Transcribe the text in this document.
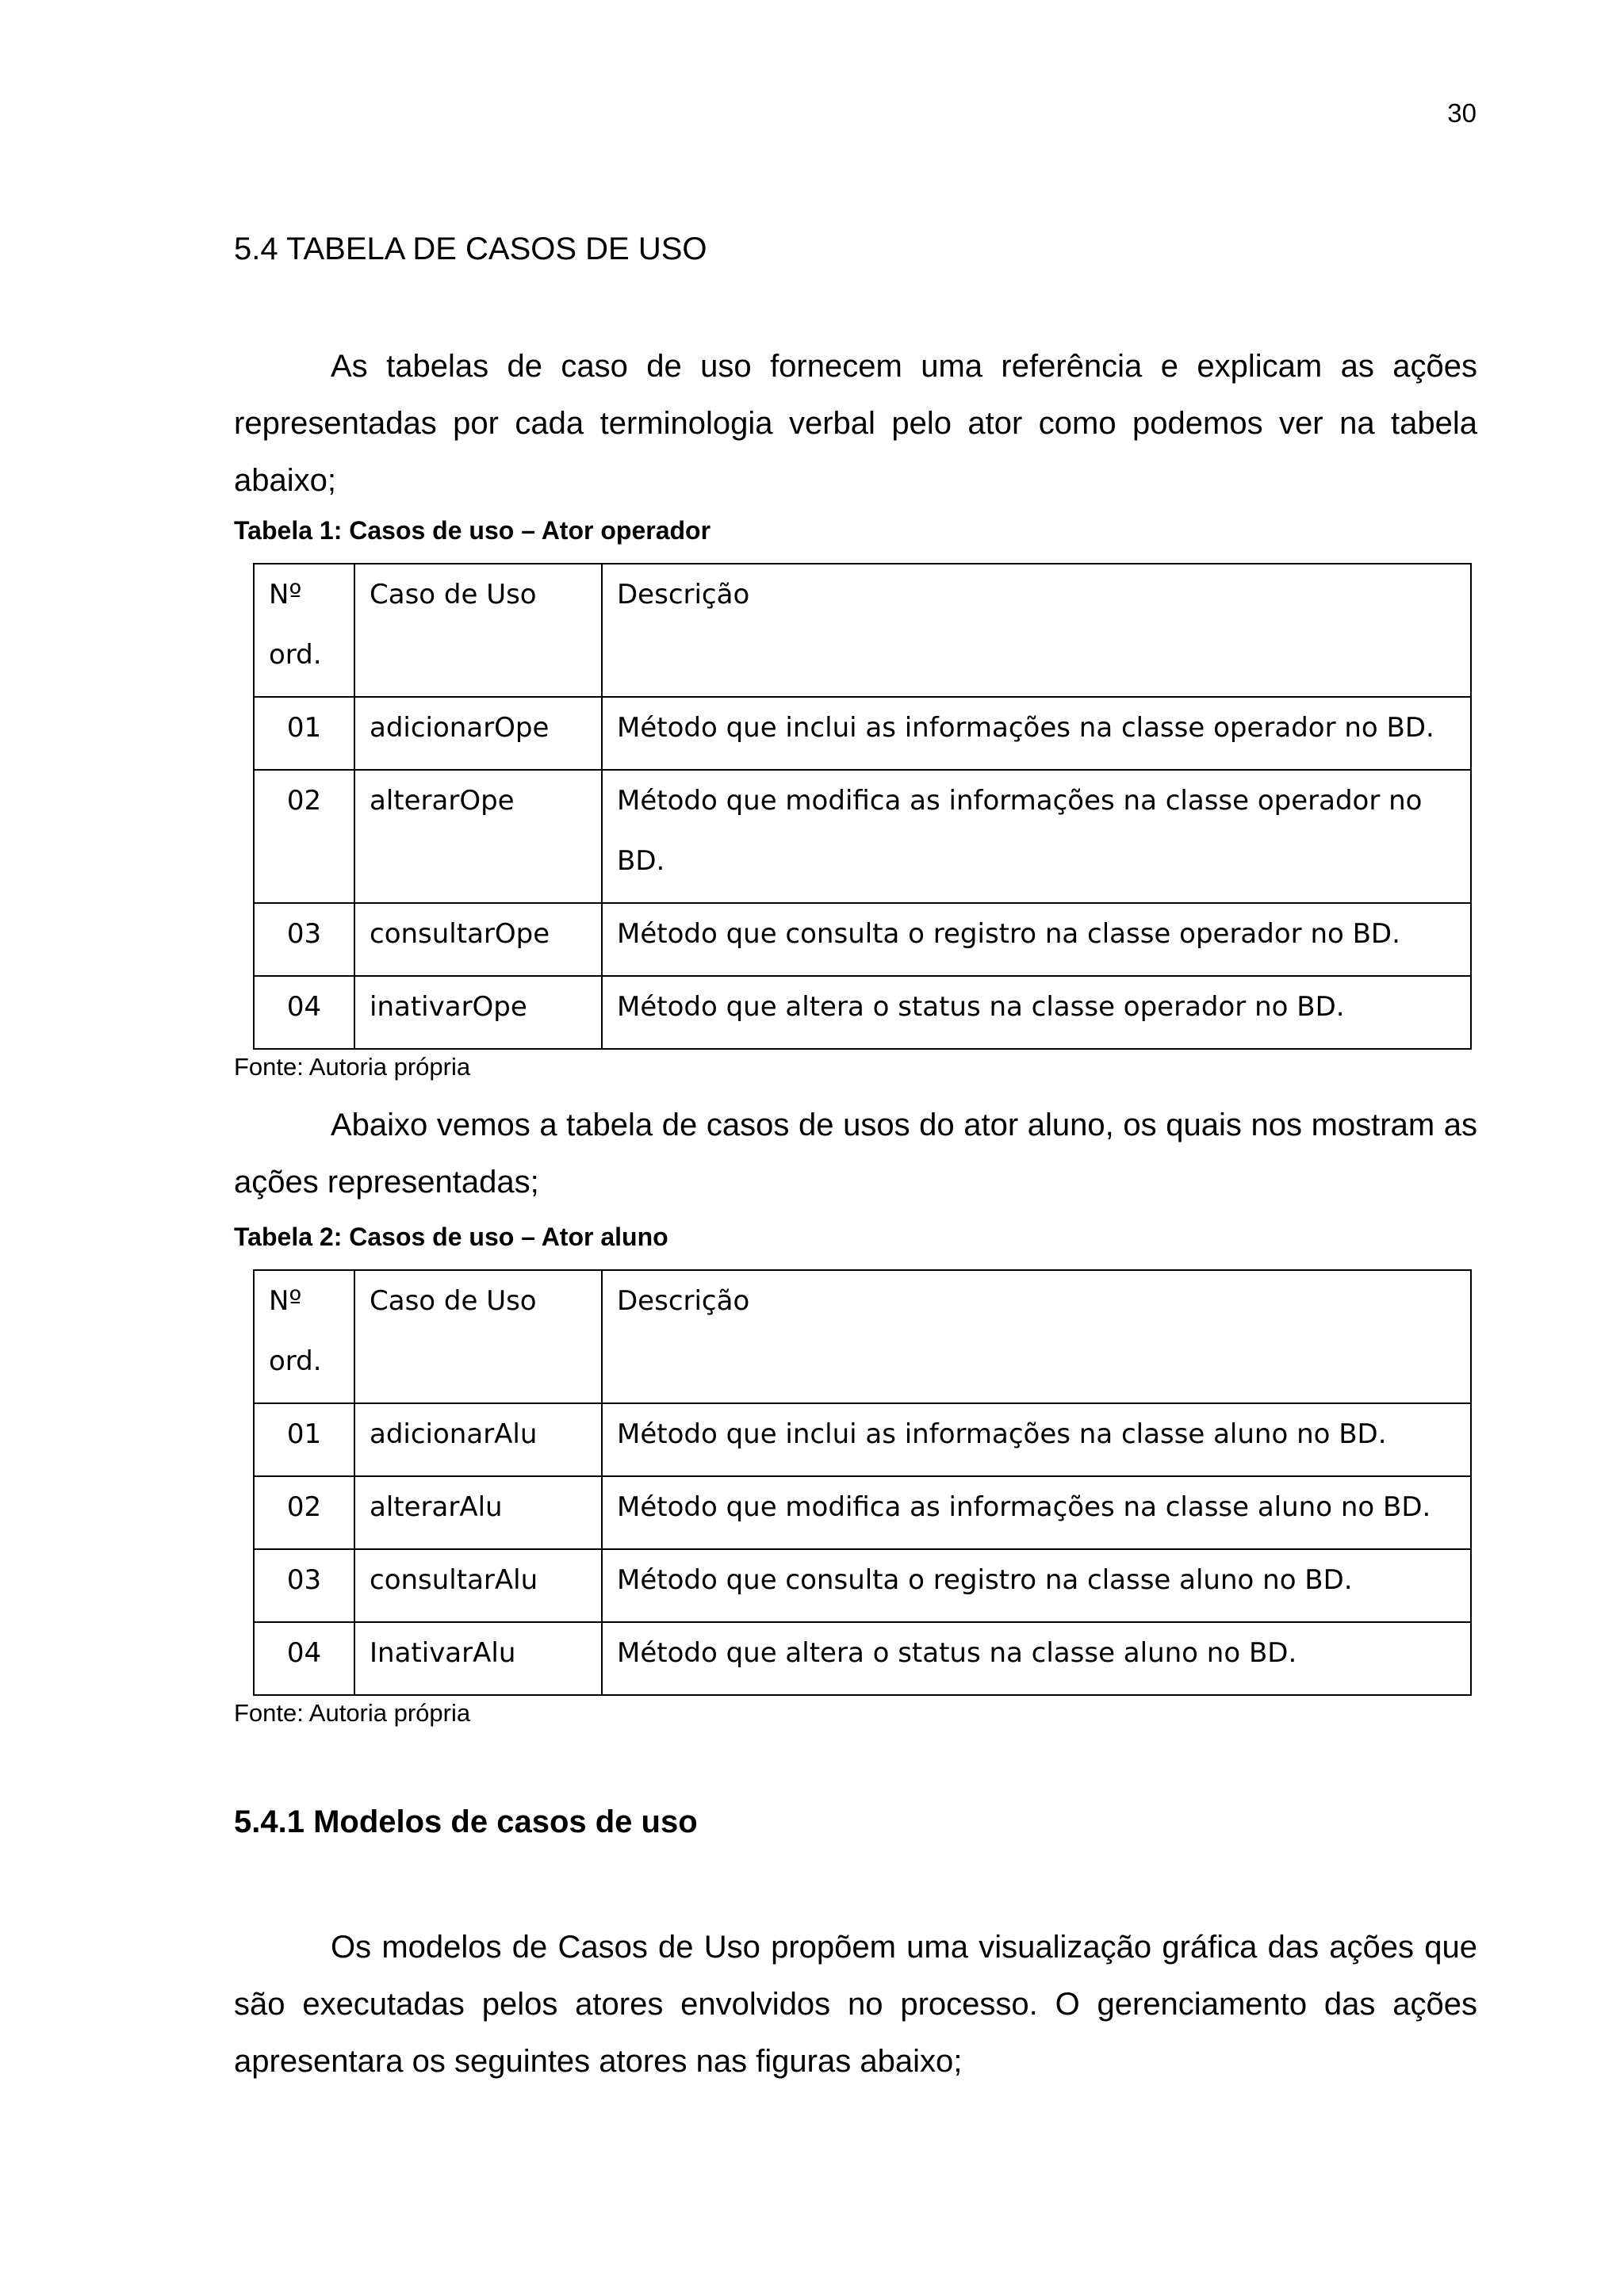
30
5.4 TABELA DE CASOS DE USO

As tabelas de caso de uso fornecem uma referência e explicam as ações representadas por cada terminologia verbal pelo ator como podemos ver na tabela abaixo;

Tabela 1: Casos de uso – Ator operador
Nº
ord.	Caso de Uso	Descrição
01	adicionarOpe	Método que inclui as informações na classe operador no BD.
02	alterarOpe	Método que modifica as informações na classe operador no BD.

03	consultarOpe	Método que consulta o registro na classe operador no BD.
04	inativarOpe	Método que altera o status na classe operador no BD.
Fonte: Autoria própria

Abaixo vemos a tabela de casos de usos do ator aluno, os quais nos mostram as ações representadas;

Tabela 2: Casos de uso – Ator aluno
Nº
ord.	Caso de Uso	Descrição
01	adicionarAlu	Método que inclui as informações na classe aluno no BD.
02	alterarAlu	Método que modifica as informações na classe aluno no BD.
03	consultarAlu	Método que consulta o registro na classe aluno no BD.
04	InativarAlu	Método que altera o status na classe aluno no BD.
Fonte: Autoria própria
5.4.1 Modelos de casos de uso

Os modelos de Casos de Uso propõem uma visualização gráfica das ações que são executadas pelos atores envolvidos no processo. O gerenciamento das ações apresentara os seguintes atores nas figuras abaixo;
